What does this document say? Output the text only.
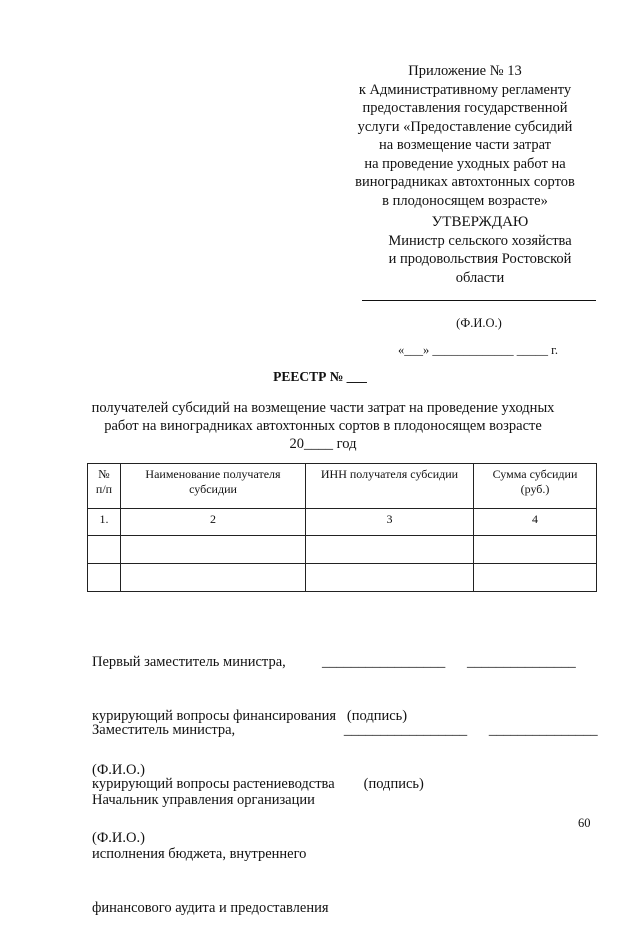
Приложение № 13
к Административному регламенту
предоставления государственной
услуги «Предоставление субсидий
на возмещение части затрат
на проведение уходных работ на
виноградниках автохтонных сортов
в плодоносящем возрасте»
УТВЕРЖДАЮ
Министр сельского хозяйства
и продовольствия Ростовской
области
(Ф.И.О.)
«___» _____________ _____ г.
РЕЕСТР № ___
получателей субсидий на возмещение части затрат на проведение уходных
работ на виноградниках автохтонных сортов в плодоносящем возрасте
20____ год
№ п/п	Наименование получателя субсидии	ИНН получателя субсидии	Сумма субсидии (руб.)
1.	2	3	4

Первый заместитель министра,          _________________      _______________

курирующий вопросы финансирования   (подпись)

(Ф.И.О.)

Заместитель министра,                              _________________      _______________

курирующий вопросы растениеводства        (подпись)

(Ф.И.О.)

Начальник управления организации

исполнения бюджета, внутреннего

финансового аудита и предоставления

60
